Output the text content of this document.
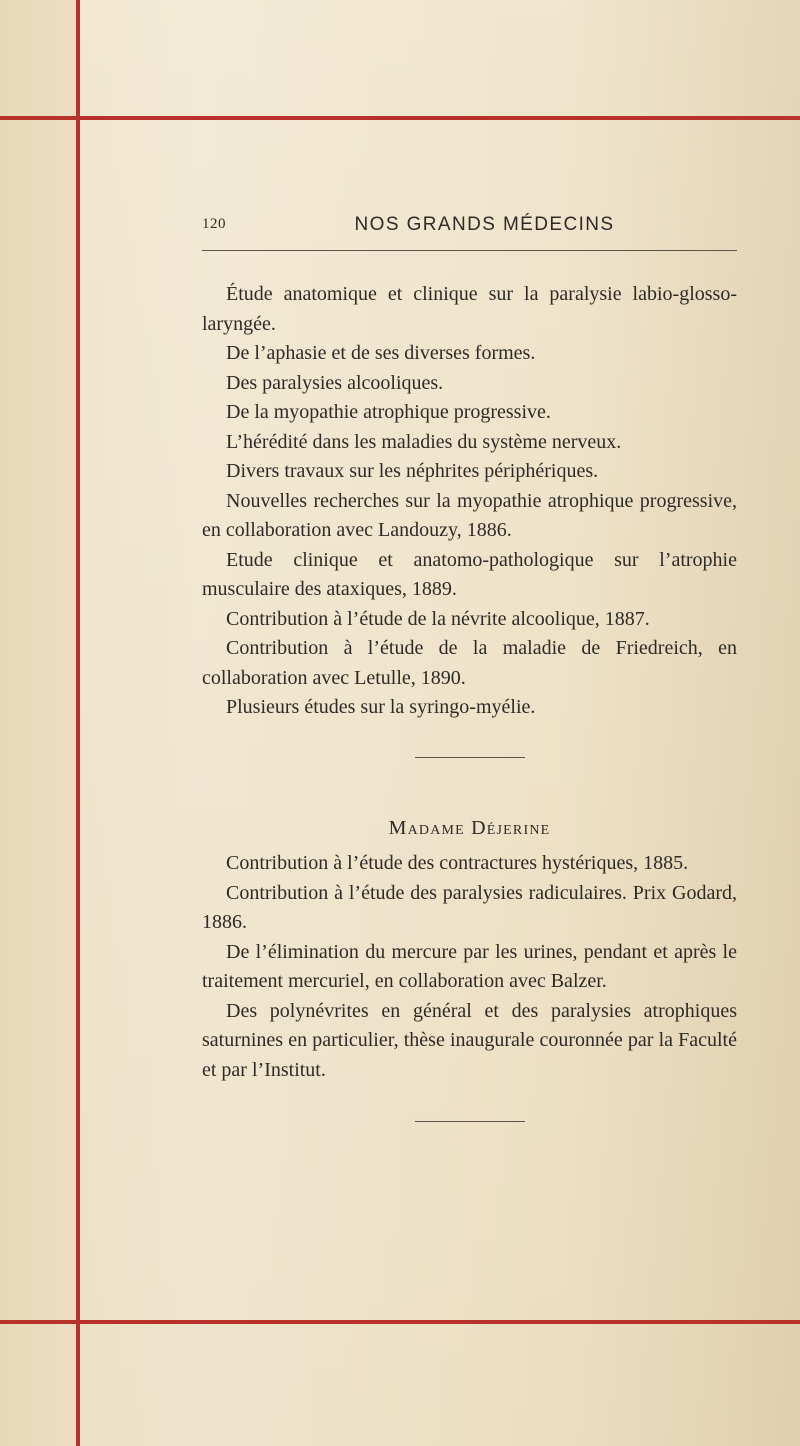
120	NOS GRANDS MÉDECINS

Étude anatomique et clinique sur la paralysie labio-glosso-laryngée.

De l’aphasie et de ses diverses formes.

Des paralysies alcooliques.

De la myopathie atrophique progressive.

L’hérédité dans les maladies du système nerveux.

Divers travaux sur les néphrites périphériques.

Nouvelles recherches sur la myopathie atrophique progressive, en collaboration avec Landouzy, 1886.

Etude clinique et anatomo-pathologique sur l’atrophie musculaire des ataxiques, 1889.

Contribution à l’étude de la névrite alcoolique, 1887.

Contribution à l’étude de la maladie de Friedreich, en collaboration avec Letulle, 1890.

Plusieurs études sur la syringo-myélie.

Madame Déjerine

Contribution à l’étude des contractures hystériques, 1885.

Contribution à l’étude des paralysies radiculaires. Prix Godard, 1886.

De l’élimination du mercure par les urines, pendant et après le traitement mercuriel, en collaboration avec Balzer.

Des polynévrites en général et des paralysies atrophiques saturnines en particulier, thèse inaugurale couronnée par la Faculté et par l’Institut.
